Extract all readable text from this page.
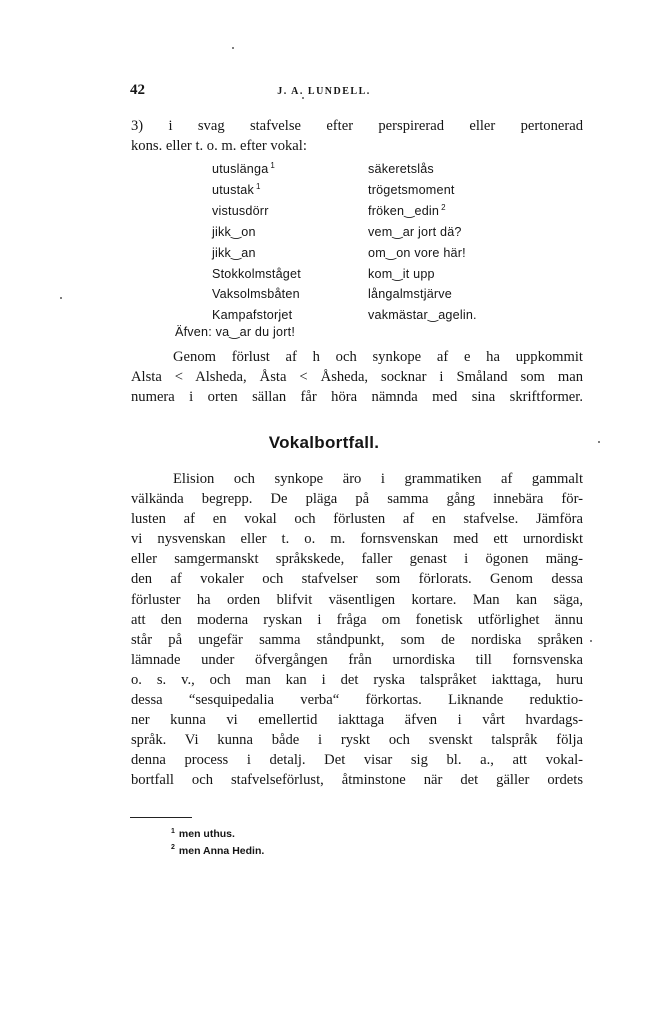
42	J. A. LUNDELL.

3) i svag stafvelse efter perspirerad eller pertonerad
kons. eller t. o. m. efter vokal:

utuslänga $^1$
utustak $^1$
vistusdörr
jikk‿on
jikk‿an
Stokkolmståget
Vaksolmsbåten
Kampafstorjet
säkeretslås
trögetsmoment
fröken‿edin $^2$
vem‿ar jort dä?
om‿on vore här!
kom‿it upp
långalmstjärve
vakmästar‿agelin.
Äfven: va‿ar du jort!

Genom förlust af h och synkope af e ha uppkommit
Alsta < Alsheda, Åsta < Åsheda, socknar i Småland som man
numera i orten sällan får höra nämnda med sina skriftformer.

Vokalbortfall.

Elision och synkope äro i grammatiken af gammalt
välkända begrepp. De pläga på samma gång innebära för-
lusten af en vokal och förlusten af en stafvelse. Jämföra
vi nysvenskan eller t. o. m. fornsvenskan med ett urnordiskt
eller samgermanskt språkskede, faller genast i ögonen mäng-
den af vokaler och stafvelser som förlorats. Genom dessa
förluster ha orden blifvit väsentligen kortare. Man kan säga,
att den moderna ryskan i fråga om fonetisk utförlighet ännu
står på ungefär samma ståndpunkt, som de nordiska språken
lämnade under öfvergången från urnordiska till fornsvenska
o. s. v., och man kan i det ryska talspråket iakttaga, huru
dessa “sesquipedalia verba“ förkortas. Liknande reduktio-
ner kunna vi emellertid iakttaga äfven i vårt hvardags-
språk. Vi kunna både i ryskt och svenskt talspråk följa
denna process i detalj. Det visar sig bl. a., att vokal-
bortfall och stafvelseförlust, åtminstone när det gäller ordets

$^1$ men uthus.
$^2$ men Anna Hedin.
